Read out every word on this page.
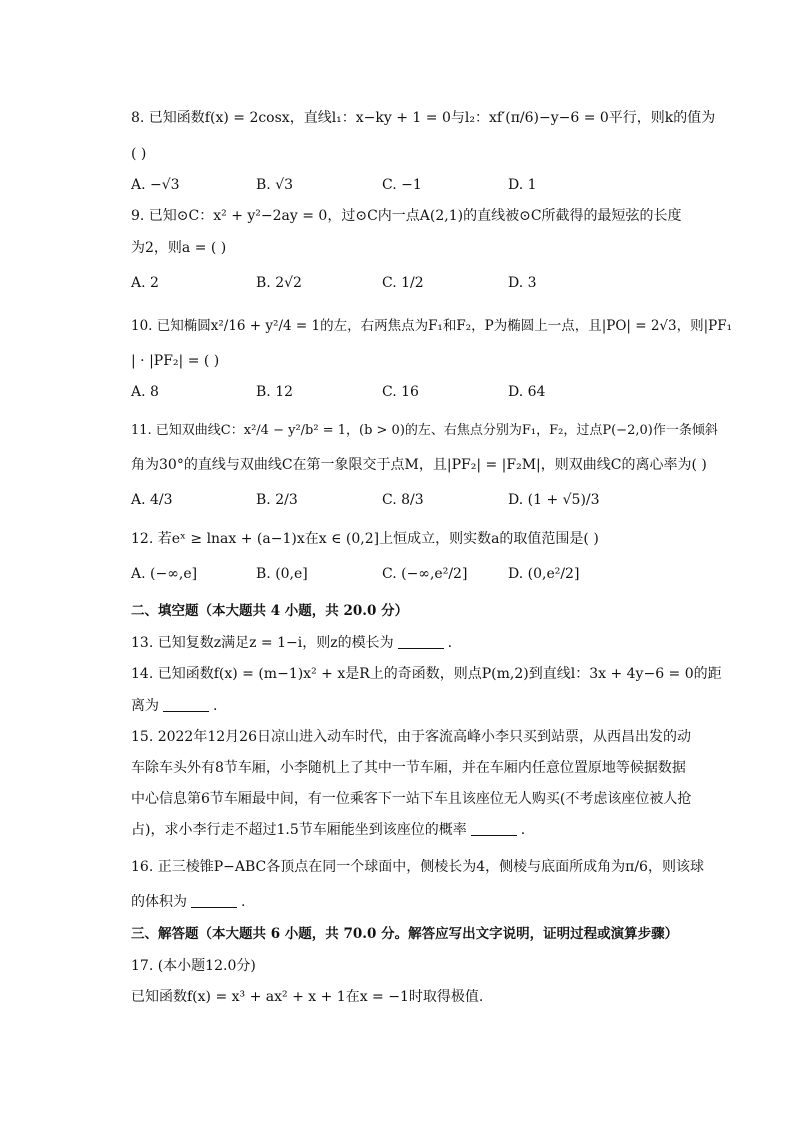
8. 已知函数f(x) = 2cosx，直线l₁：x−ky + 1 = 0与l₂：xf′(π/6)−y−6 = 0平行，则k的值为
( )
A. −√3	B. √3	C. −1	D. 1
9. 已知⊙C：x² + y²−2ay = 0，过⊙C内一点A(2,1)的直线被⊙C所截得的最短弦的长度
为2，则a = ( )
A. 2	B. 2√2	C. 1/2	D. 3
10. 已知椭圆x²/16 + y²/4 = 1的左，右两焦点为F₁和F₂，P为椭圆上一点，且|PO| = 2√3，则|PF₁
| · |PF₂| = ( )
A. 8	B. 12	C. 16	D. 64
11. 已知双曲线C：x²/4 − y²/b² = 1，(b > 0)的左、右焦点分别为F₁，F₂，过点P(−2,0)作一条倾斜
角为30°的直线与双曲线C在第一象限交于点M，且|PF₂| = |F₂M|，则双曲线C的离心率为( )
A. 4/3	B. 2/3	C. 8/3	D. (1 + √5)/3
12. 若eˣ ≥ lnax + (a−1)x在x ∈ (0,2]上恒成立，则实数a的取值范围是( )
A. (−∞,e]	B. (0,e]	C. (−∞,e²/2]	D. (0,e²/2]
二、填空题（本大题共 4 小题，共 20.0 分）
13. 已知复数z满足z = 1−i，则z的模长为	.
14. 已知函数f(x) = (m−1)x² + x是R上的奇函数，则点P(m,2)到直线l：3x + 4y−6 = 0的距
离为	.
15. 2022年12月26日凉山进入动车时代，由于客流高峰小李只买到站票，从西昌出发的动
车除车头外有8节车厢，小李随机上了其中一节车厢，并在车厢内任意位置原地等候据数据
中心信息第6节车厢最中间，有一位乘客下一站下车且该座位无人购买(不考虑该座位被人抢
占)，求小李行走不超过1.5节车厢能坐到该座位的概率	.
16. 正三棱锥P−ABC各顶点在同一个球面中，侧棱长为4，侧棱与底面所成角为π/6，则该球
的体积为	.
三、解答题（本大题共 6 小题，共 70.0 分。解答应写出文字说明，证明过程或演算步骤）
17. (本小题12.0分)
已知函数f(x) = x³ + ax² + x + 1在x = −1时取得极值.
